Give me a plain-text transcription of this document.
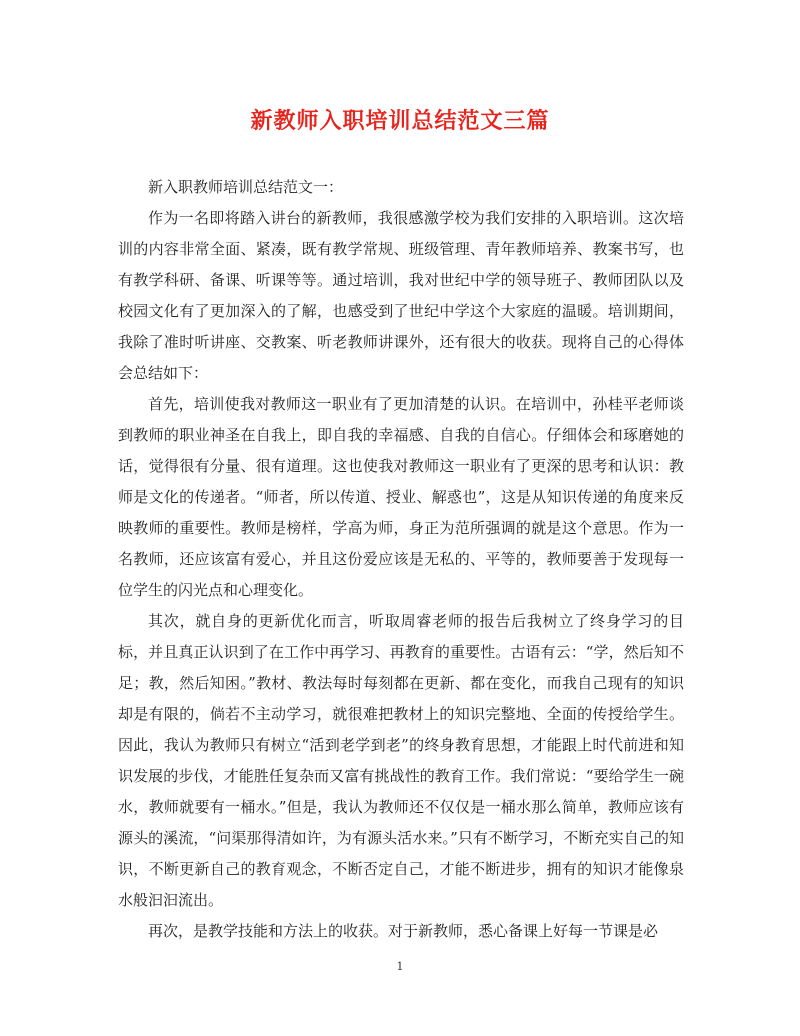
新教师入职培训总结范文三篇

新入职教师培训总结范文一：

作为一名即将踏入讲台的新教师，我很感激学校为我们安排的入职培训。这次培训的内容非常全面、紧凑，既有教学常规、班级管理、青年教师培养、教案书写，也有教学科研、备课、听课等等。通过培训，我对世纪中学的领导班子、教师团队以及校园文化有了更加深入的了解，也感受到了世纪中学这个大家庭的温暖。培训期间，我除了准时听讲座、交教案、听老教师讲课外，还有很大的收获。现将自己的心得体会总结如下：

首先，培训使我对教师这一职业有了更加清楚的认识。在培训中，孙桂平老师谈到教师的职业神圣在自我上，即自我的幸福感、自我的自信心。仔细体会和琢磨她的话，觉得很有分量、很有道理。这也使我对教师这一职业有了更深的思考和认识：教师是文化的传递者。“师者，所以传道、授业、解惑也”，这是从知识传递的角度来反映教师的重要性。教师是榜样，学高为师，身正为范所强调的就是这个意思。作为一名教师，还应该富有爱心，并且这份爱应该是无私的、平等的，教师要善于发现每一位学生的闪光点和心理变化。

其次，就自身的更新优化而言，听取周睿老师的报告后我树立了终身学习的目标，并且真正认识到了在工作中再学习、再教育的重要性。古语有云：“学，然后知不足；教，然后知困。”教材、教法每时每刻都在更新、都在变化，而我自己现有的知识却是有限的，倘若不主动学习，就很难把教材上的知识完整地、全面的传授给学生。因此，我认为教师只有树立“活到老学到老”的终身教育思想，才能跟上时代前进和知识发展的步伐，才能胜任复杂而又富有挑战性的教育工作。我们常说：“要给学生一碗水，教师就要有一桶水。”但是，我认为教师还不仅仅是一桶水那么简单，教师应该有源头的溪流，“问渠那得清如许，为有源头活水来。”只有不断学习，不断充实自己的知识，不断更新自己的教育观念，不断否定自己，才能不断进步，拥有的知识才能像泉水般汩汩流出。

再次，是教学技能和方法上的收获。对于新教师，悉心备课上好每一节课是必

1
